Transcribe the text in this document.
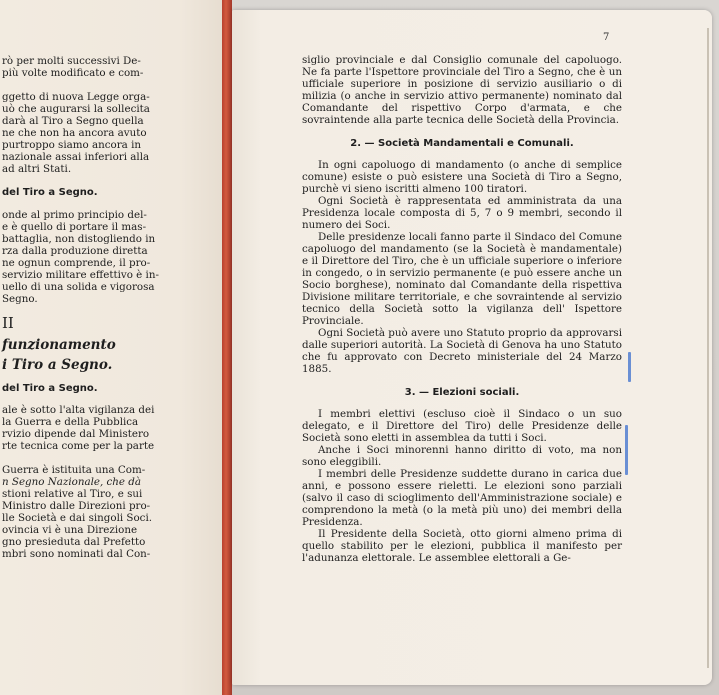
rò per molti successivi De-
più volte modificato e com-
ggetto di nuova Legge orga-
uò che augurarsi la sollecita
darà al Tiro a Segno quella
ne che non ha ancora avuto
purtroppo siamo ancora in
nazionale assai inferiori alla
ad altri Stati.
del Tiro a Segno.
onde al primo principio del-
e è quello di portare il mas-
battaglia, non distogliendo in
rza dalla produzione diretta
ne ognun comprende, il pro-
servizio militare effettivo è in-
uello di una solida e vigorosa
Segno.
II
funzionamento
i Tiro a Segno.
del Tiro a Segno.
ale è sotto l'alta vigilanza dei
la Guerra e della Pubblica
rvizio dipende dal Ministero
rte tecnica come per la parte
Guerra è istituita una Com-
n Segno Nazionale, che dà
stioni relative al Tiro, e sui
Ministro dalle Direzioni pro-
lle Società e dai singoli Soci.
ovincia vi è una Direzione
gno presieduta dal Prefetto
mbri sono nominati dal Con-
7

siglio provinciale e dal Consiglio comunale del capoluogo. Ne fa parte l'Ispettore provinciale del Tiro a Segno, che è un ufficiale superiore in posizione di servizio ausiliario o di milizia (o anche in servizio attivo permanente) nominato dal Comandante del rispettivo Corpo d'armata, e che sovraintende alla parte tecnica delle Società della Provincia.

2. — Società Mandamentali e Comunali.

In ogni capoluogo di mandamento (o anche di semplice comune) esiste o può esistere una Società di Tiro a Segno, purchè vi sieno iscritti almeno 100 tiratori.

Ogni Società è rappresentata ed amministrata da una Presidenza locale composta di 5, 7 o 9 membri, secondo il numero dei Soci.

Delle presidenze locali fanno parte il Sindaco del Comune capoluogo del mandamento (se la Società è mandamentale) e il Direttore del Tiro, che è un ufficiale superiore o inferiore in congedo, o in servizio permanente (e può essere anche un Socio borghese), nominato dal Comandante della rispettiva Divisione militare territoriale, e che sovraintende al servizio tecnico della Società sotto la vigilanza dell' Ispettore Provinciale.

Ogni Società può avere uno Statuto proprio da approvarsi dalle superiori autorità. La Società di Genova ha uno Statuto che fu approvato con Decreto ministeriale del 24 Marzo 1885.

3. — Elezioni sociali.

I membri elettivi (escluso cioè il Sindaco o un suo delegato, e il Direttore del Tiro) delle Presidenze delle Società sono eletti in assemblea da tutti i Soci.

Anche i Soci minorenni hanno diritto di voto, ma non sono eleggibili.

I membri delle Presidenze suddette durano in carica due anni, e possono essere rieletti. Le elezioni sono parziali (salvo il caso di scioglimento dell'Amministrazione sociale) e comprendono la metà (o la metà più uno) dei membri della Presidenza.

Il Presidente della Società, otto giorni almeno prima di quello stabilito per le elezioni, pubblica il manifesto per l'adunanza elettorale. Le assemblee elettorali a Ge-
